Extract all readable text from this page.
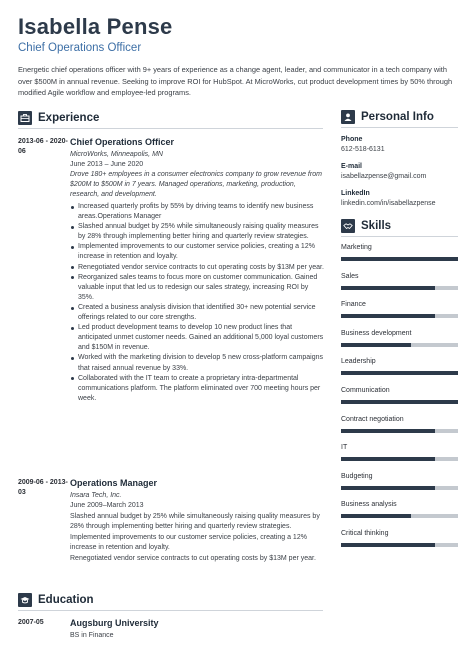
Isabella Pense
Chief Operations Officer
Energetic chief operations officer with 9+ years of experience as a change agent, leader, and communicator in a tech company with over $500M in annual revenue. Seeking to improve ROI for HubSpot. At MicroWorks, cut product development times by 50% through modified Agile workflow and employee-led programs.
Experience
2013-06 - 2020-06
Chief Operations Officer
MicroWorks, Minneapolis, MN
June 2013 – June 2020
Drove 180+ employees in a consumer electronics company to grow revenue from $200M to $500M in 7 years. Managed operations, marketing, production, research, and development.
Increased quarterly profits by 55% by driving teams to identify new business areas.Operations Manager
Slashed annual budget by 25% while simultaneously raising quality measures by 28% through implementing better hiring and quarterly review strategies.
Implemented improvements to our customer service policies, creating a 12% increase in retention and loyalty.
Renegotiated vendor service contracts to cut operating costs by $13M per year.
Reorganized sales teams to focus more on customer communication. Gained valuable input that led us to redesign our sales strategy, increasing ROI by 35%.
Created a business analysis division that identified 30+ new potential service offerings related to our core strengths.
Led product development teams to develop 10 new product lines that anticipated unmet customer needs. Gained an additional 5,000 loyal customers and $150M in revenue.
Worked with the marketing division to develop 5 new cross-platform campaigns that raised annual revenue by 33%.
Collaborated with the IT team to create a proprietary intra-departmental communications platform. The platform eliminated over 700 meeting hours per week.
2009-06 - 2013-03
Operations Manager
Insara Tech, Inc.
June 2009–March 2013
Slashed annual budget by 25% while simultaneously raising quality measures by 28% through implementing better hiring and quarterly review strategies.
Implemented improvements to our customer service policies, creating a 12% increase in retention and loyalty.
Renegotiated vendor service contracts to cut operating costs by $13M per year.
Education
2007-05	Augsburg University
BS in Finance
Personal Info
Phone
612-518-6131
E-mail
isabellazpense@gmail.com
LinkedIn
linkedin.com/in/isabellazpense
Skills
Marketing
Sales
Finance
Business development
Leadership
Communication
Contract negotiation
IT
Budgeting
Business analysis
Critical thinking
